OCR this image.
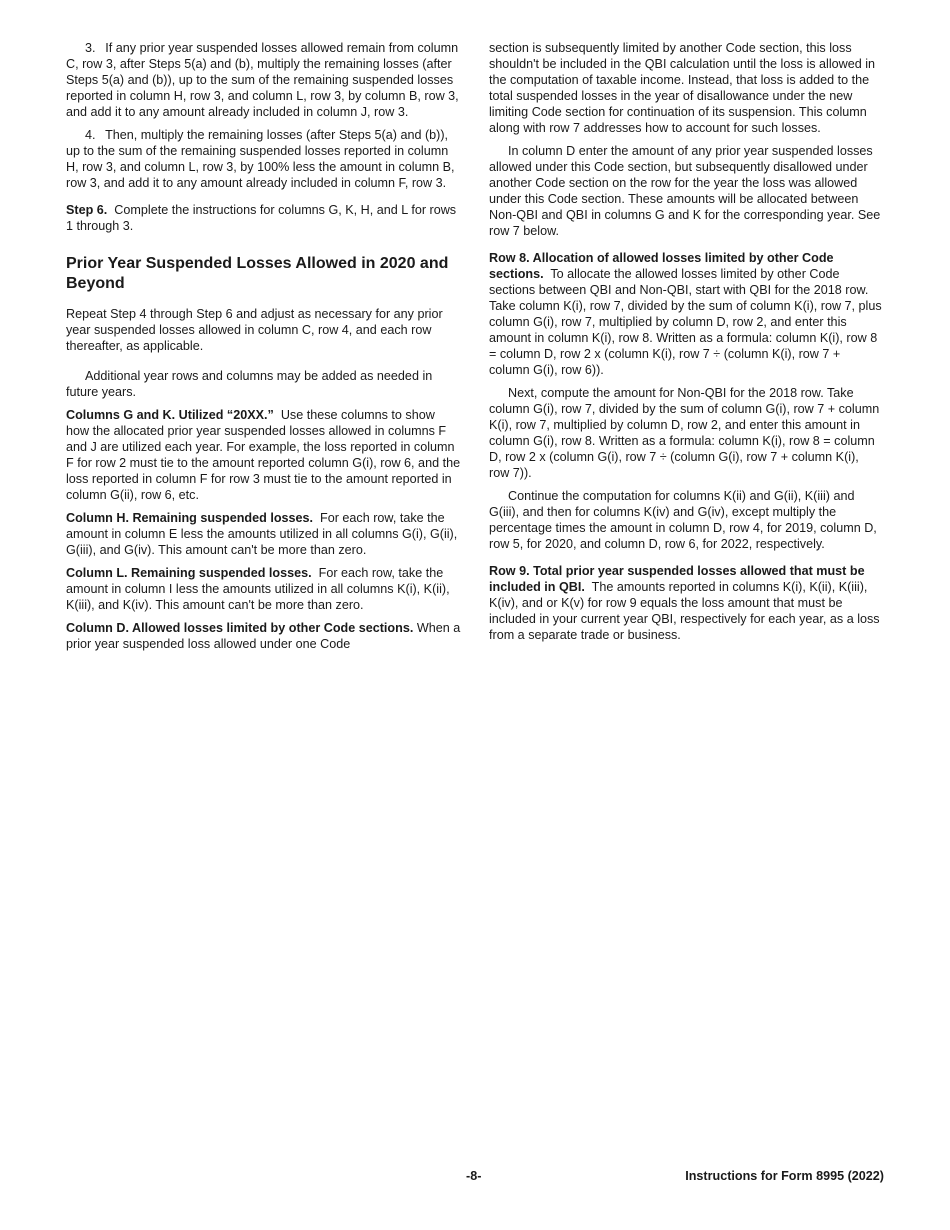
3.  If any prior year suspended losses allowed remain from column C, row 3, after Steps 5(a) and (b), multiply the remaining losses (after Steps 5(a) and (b)), up to the sum of the remaining suspended losses reported in column H, row 3, and column L, row 3, by column B, row 3, and add it to any amount already included in column J, row 3.

4.  Then, multiply the remaining losses (after Steps 5(a) and (b)), up to the sum of the remaining suspended losses reported in column H, row 3, and column L, row 3, by 100% less the amount in column B, row 3, and add it to any amount already included in column F, row 3.

Step 6. Complete the instructions for columns G, K, H, and L for rows 1 through 3.

Prior Year Suspended Losses Allowed in 2020 and Beyond

Repeat Step 4 through Step 6 and adjust as necessary for any prior year suspended losses allowed in column C, row 4, and each row thereafter, as applicable.

Additional year rows and columns may be added as needed in future years.

Columns G and K. Utilized “20XX.” Use these columns to show how the allocated prior year suspended losses allowed in columns F and J are utilized each year. For example, the loss reported in column F for row 2 must tie to the amount reported column G(i), row 6, and the loss reported in column F for row 3 must tie to the amount reported in column G(ii), row 6, etc.

Column H. Remaining suspended losses. For each row, take the amount in column E less the amounts utilized in all columns G(i), G(ii), G(iii), and G(iv). This amount can't be more than zero.

Column L. Remaining suspended losses. For each row, take the amount in column I less the amounts utilized in all columns K(i), K(ii), K(iii), and K(iv). This amount can't be more than zero.

Column D. Allowed losses limited by other Code sections. When a prior year suspended loss allowed under one Code

section is subsequently limited by another Code section, this loss shouldn't be included in the QBI calculation until the loss is allowed in the computation of taxable income. Instead, that loss is added to the total suspended losses in the year of disallowance under the new limiting Code section for continuation of its suspension. This column along with row 7 addresses how to account for such losses.

In column D enter the amount of any prior year suspended losses allowed under this Code section, but subsequently disallowed under another Code section on the row for the year the loss was allowed under this Code section. These amounts will be allocated between Non-QBI and QBI in columns G and K for the corresponding year. See row 7 below.

Row 8. Allocation of allowed losses limited by other Code sections. To allocate the allowed losses limited by other Code sections between QBI and Non-QBI, start with QBI for the 2018 row. Take column K(i), row 7, divided by the sum of column K(i), row 7, plus column G(i), row 7, multiplied by column D, row 2, and enter this amount in column K(i), row 8. Written as a formula: column K(i), row 8 = column D, row 2 x (column K(i), row 7 ÷ (column K(i), row 7 + column G(i), row 6)).

Next, compute the amount for Non-QBI for the 2018 row. Take column G(i), row 7, divided by the sum of column G(i), row 7 + column K(i), row 7, multiplied by column D, row 2, and enter this amount in column G(i), row 8. Written as a formula: column K(i), row 8 = column D, row 2 x (column G(i), row 7 ÷ (column G(i), row 7 + column K(i), row 7)).

Continue the computation for columns K(ii) and G(ii), K(iii) and G(iii), and then for columns K(iv) and G(iv), except multiply the percentage times the amount in column D, row 4, for 2019, column D, row 5, for 2020, and column D, row 6, for 2022, respectively.

Row 9. Total prior year suspended losses allowed that must be included in QBI. The amounts reported in columns K(i), K(ii), K(iii), K(iv), and or K(v) for row 9 equals the loss amount that must be included in your current year QBI, respectively for each year, as a loss from a separate trade or business.

-8-	Instructions for Form 8995 (2022)
